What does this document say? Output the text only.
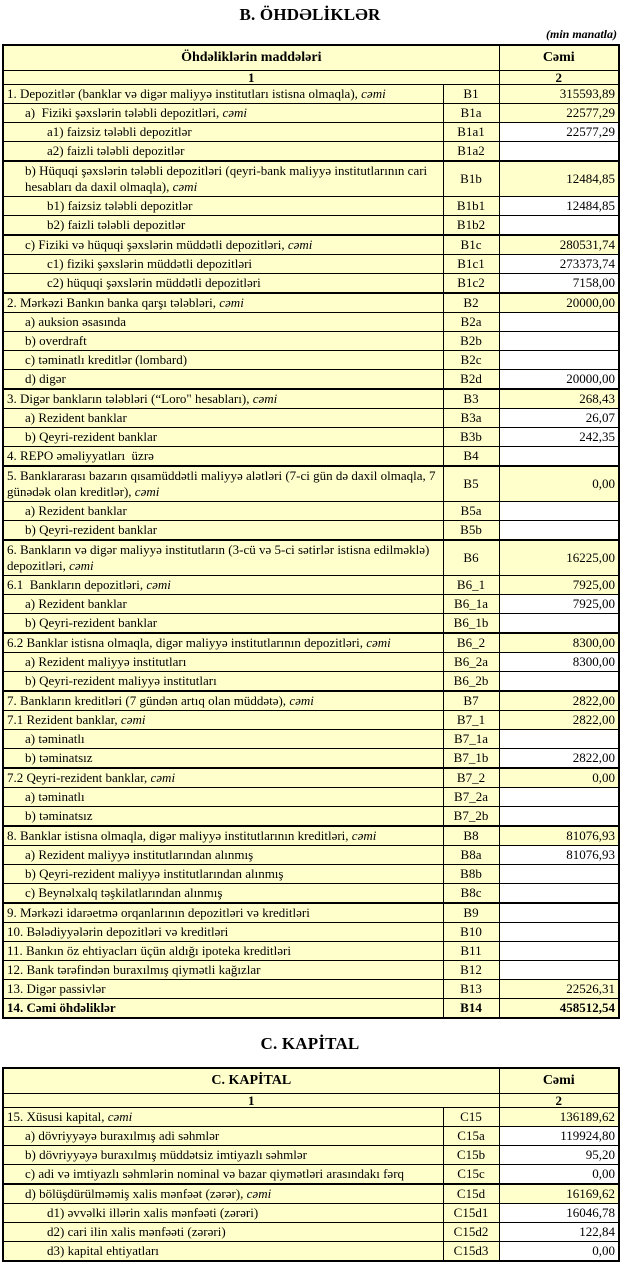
B. ÖHDƏLİKLƏR
(min manatla)
Öhdəliklərin maddələri		Cəmi
1		2
1. Depozitlər (banklar və digər maliyyə institutları istisna olmaqla), cəmi	B1	315593,89
a)  Fiziki şəxslərin tələbli depozitləri, cəmi	B1a	22577,29
a1) faizsiz tələbli depozitlər	B1a1	22577,29
a2) faizli tələbli depozitlər	B1a2	
b) Hüquqi şəxslərin tələbli depozitləri (qeyri-bank maliyyə institutlarının cari hesabları da daxil olmaqla), cəmi	B1b	12484,85
b1) faizsiz tələbli depozitlər	B1b1	12484,85
b2) faizli tələbli depozitlər	B1b2	
c) Fiziki və hüquqi şəxslərin müddətli depozitləri, cəmi	B1c	280531,74
c1) fiziki şəxslərin müddətli depozitləri	B1c1	273373,74
c2) hüquqi şəxslərin müddətli depozitləri	B1c2	7158,00
2. Mərkəzi Bankın banka qarşı tələbləri, cəmi	B2	20000,00
a) auksion əsasında	B2a	
b) overdraft	B2b	
c) təminatlı kreditlər (lombard)	B2c	
d) digər	B2d	20000,00
3. Digər bankların tələbləri (“Loro" hesabları), cəmi	B3	268,43
a) Rezident banklar	B3a	26,07
b) Qeyri-rezident banklar	B3b	242,35
4. REPO əməliyyatları  üzrə	B4	
5. Banklararası bazarın qısamüddətli maliyyə alətləri (7-ci gün də daxil olmaqla, 7 günədək olan kreditlər), cəmi	B5	0,00
a) Rezident banklar	B5a	
b) Qeyri-rezident banklar	B5b	
6. Bankların və digər maliyyə institutların (3-cü və 5-ci sətirlər istisna edilməklə) depozitləri, cəmi	B6	16225,00
6.1  Bankların depozitləri, cəmi	B6_1	7925,00
a) Rezident banklar	B6_1a	7925,00
b) Qeyri-rezident banklar	B6_1b	
6.2 Banklar istisna olmaqla, digər maliyyə institutlarının depozitləri, cəmi	B6_2	8300,00
a) Rezident maliyyə institutları	B6_2a	8300,00
b) Qeyri-rezident maliyyə institutları	B6_2b	
7. Bankların kreditləri (7 gündən artıq olan müddətə), cəmi	B7	2822,00
7.1 Rezident banklar, cəmi	B7_1	2822,00
a) təminatlı	B7_1a	
b) təminatsız	B7_1b	2822,00
7.2 Qeyri-rezident banklar, cəmi	B7_2	0,00
a) təminatlı	B7_2a	
b) təminatsız	B7_2b	
8. Banklar istisna olmaqla, digər maliyyə institutlarının kreditləri, cəmi	B8	81076,93
a) Rezident maliyyə institutlarından alınmış	B8a	81076,93
b) Qeyri-rezident maliyyə institutlarından alınmış	B8b	
c) Beynəlxalq təşkilatlarından alınmış	B8c	
9. Mərkəzi idarəetmə orqanlarının depozitləri və kreditləri	B9	
10. Bələdiyyələrin depozitləri və kreditləri	B10	
11. Bankın öz ehtiyacları üçün aldığı ipoteka kreditləri	B11	
12. Bank tərəfindən buraxılmış qiymətli kağızlar	B12	
13. Digər passivlər	B13	22526,31
14. Cəmi öhdəliklər	B14	458512,54
C. KAPİTAL
C. KAPİTAL		Cəmi
1		2
15. Xüsusi kapital, cəmi	C15	136189,62
a) dövriyyəyə buraxılmış adi səhmlər	C15a	119924,80
b) dövriyyəyə buraxılmış müddətsiz imtiyazlı səhmlər	C15b	95,20
c) adi və imtiyazlı səhmlərin nominal və bazar qiymətləri arasındakı fərq	C15c	0,00
d) bölüşdürülməmiş xalis mənfəət (zərər), cəmi	C15d	16169,62
d1) əvvəlki illərin xalis mənfəəti (zərəri)	C15d1	16046,78
d2) cari ilin xalis mənfəəti (zərəri)	C15d2	122,84
d3) kapital ehtiyatları	C15d3	0,00
